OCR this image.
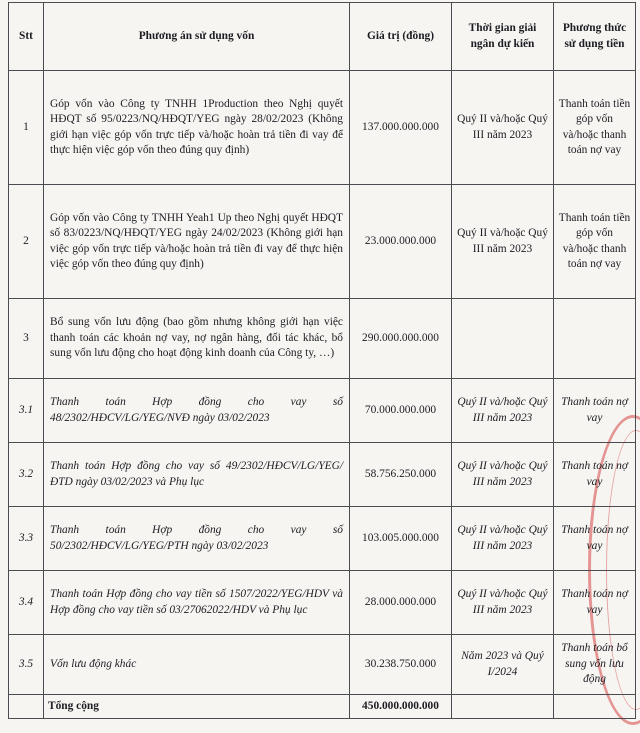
Stt	Phương án sử dụng vốn	Giá trị (đồng)	Thời gian giải ngân dự kiến	Phương thức sử dụng tiền
1	Góp vốn vào Công ty TNHH 1Production theo Nghị quyết HĐQT số 95/0223/NQ/HĐQT/YEG ngày 28/02/2023 (Không giới hạn việc góp vốn trực tiếp và/hoặc hoàn trả tiền đi vay để thực hiện việc góp vốn theo đúng quy định)	137.000.000.000	Quý II và/hoặc Quý III năm 2023	Thanh toán tiền góp vốn và/hoặc thanh toán nợ vay
2	Góp vốn vào Công ty TNHH Yeah1 Up theo Nghị quyết HĐQT số 83/0223/NQ/HĐQT/YEG ngày 24/02/2023 (Không giới hạn việc góp vốn trực tiếp và/hoặc hoàn trả tiền đi vay để thực hiện việc góp vốn theo đúng quy định)	23.000.000.000	Quý II và/hoặc Quý III năm 2023	Thanh toán tiền góp vốn và/hoặc thanh toán nợ vay
3	Bổ sung vốn lưu động (bao gồm nhưng không giới hạn việc thanh toán các khoản nợ vay, nợ ngân hàng, đối tác khác, bổ sung vốn lưu động cho hoạt động kinh doanh của Công ty, …)	290.000.000.000		
3.1	Thanh toán Hợp đồng cho vay số 48/2302/HĐCV/LG/YEG/NVĐ ngày 03/02/2023	70.000.000.000	Quý II và/hoặc Quý III năm 2023	Thanh toán nợ vay
3.2	Thanh toán Hợp đồng cho vay số 49/2302/HĐCV/LG/YEG/ĐTD ngày 03/02/2023 và Phụ lục	58.756.250.000	Quý II và/hoặc Quý III năm 2023	Thanh toán nợ vay
3.3	Thanh toán Hợp đồng cho vay số 50/2302/HĐCV/LG/YEG/PTH ngày 03/02/2023	103.005.000.000	Quý II và/hoặc Quý III năm 2023	Thanh toán nợ vay
3.4	Thanh toán Hợp đồng cho vay tiền số 1507/2022/YEG/HDV và Hợp đồng cho vay tiền số 03/27062022/HDV và Phụ lục	28.000.000.000	Quý II và/hoặc Quý III năm 2023	Thanh toán nợ vay
3.5	Vốn lưu động khác	30.238.750.000	Năm 2023 và Quý I/2024	Thanh toán bổ sung vốn lưu động
	Tổng cộng	450.000.000.000		
